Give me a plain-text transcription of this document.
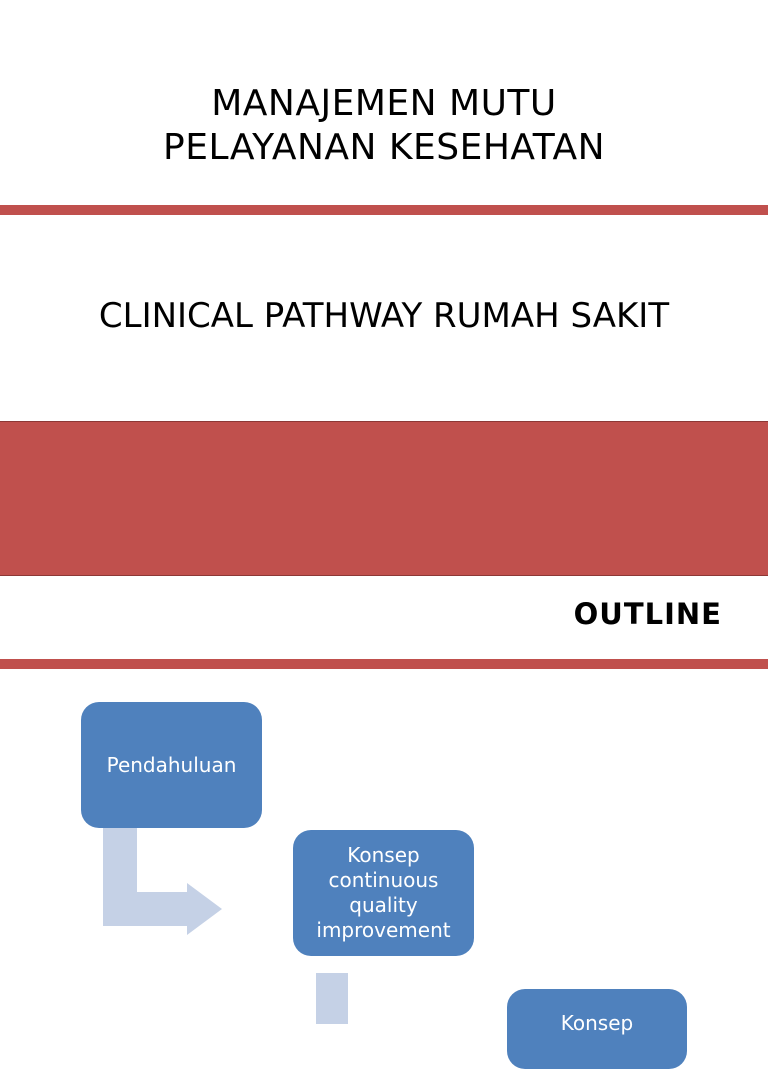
MANAJEMEN MUTU
PELAYANAN KESEHATAN
CLINICAL PATHWAY RUMAH SAKIT
OUTLINE
Pendahuluan
Konsep
continuous
quality
improvement
Konsep
